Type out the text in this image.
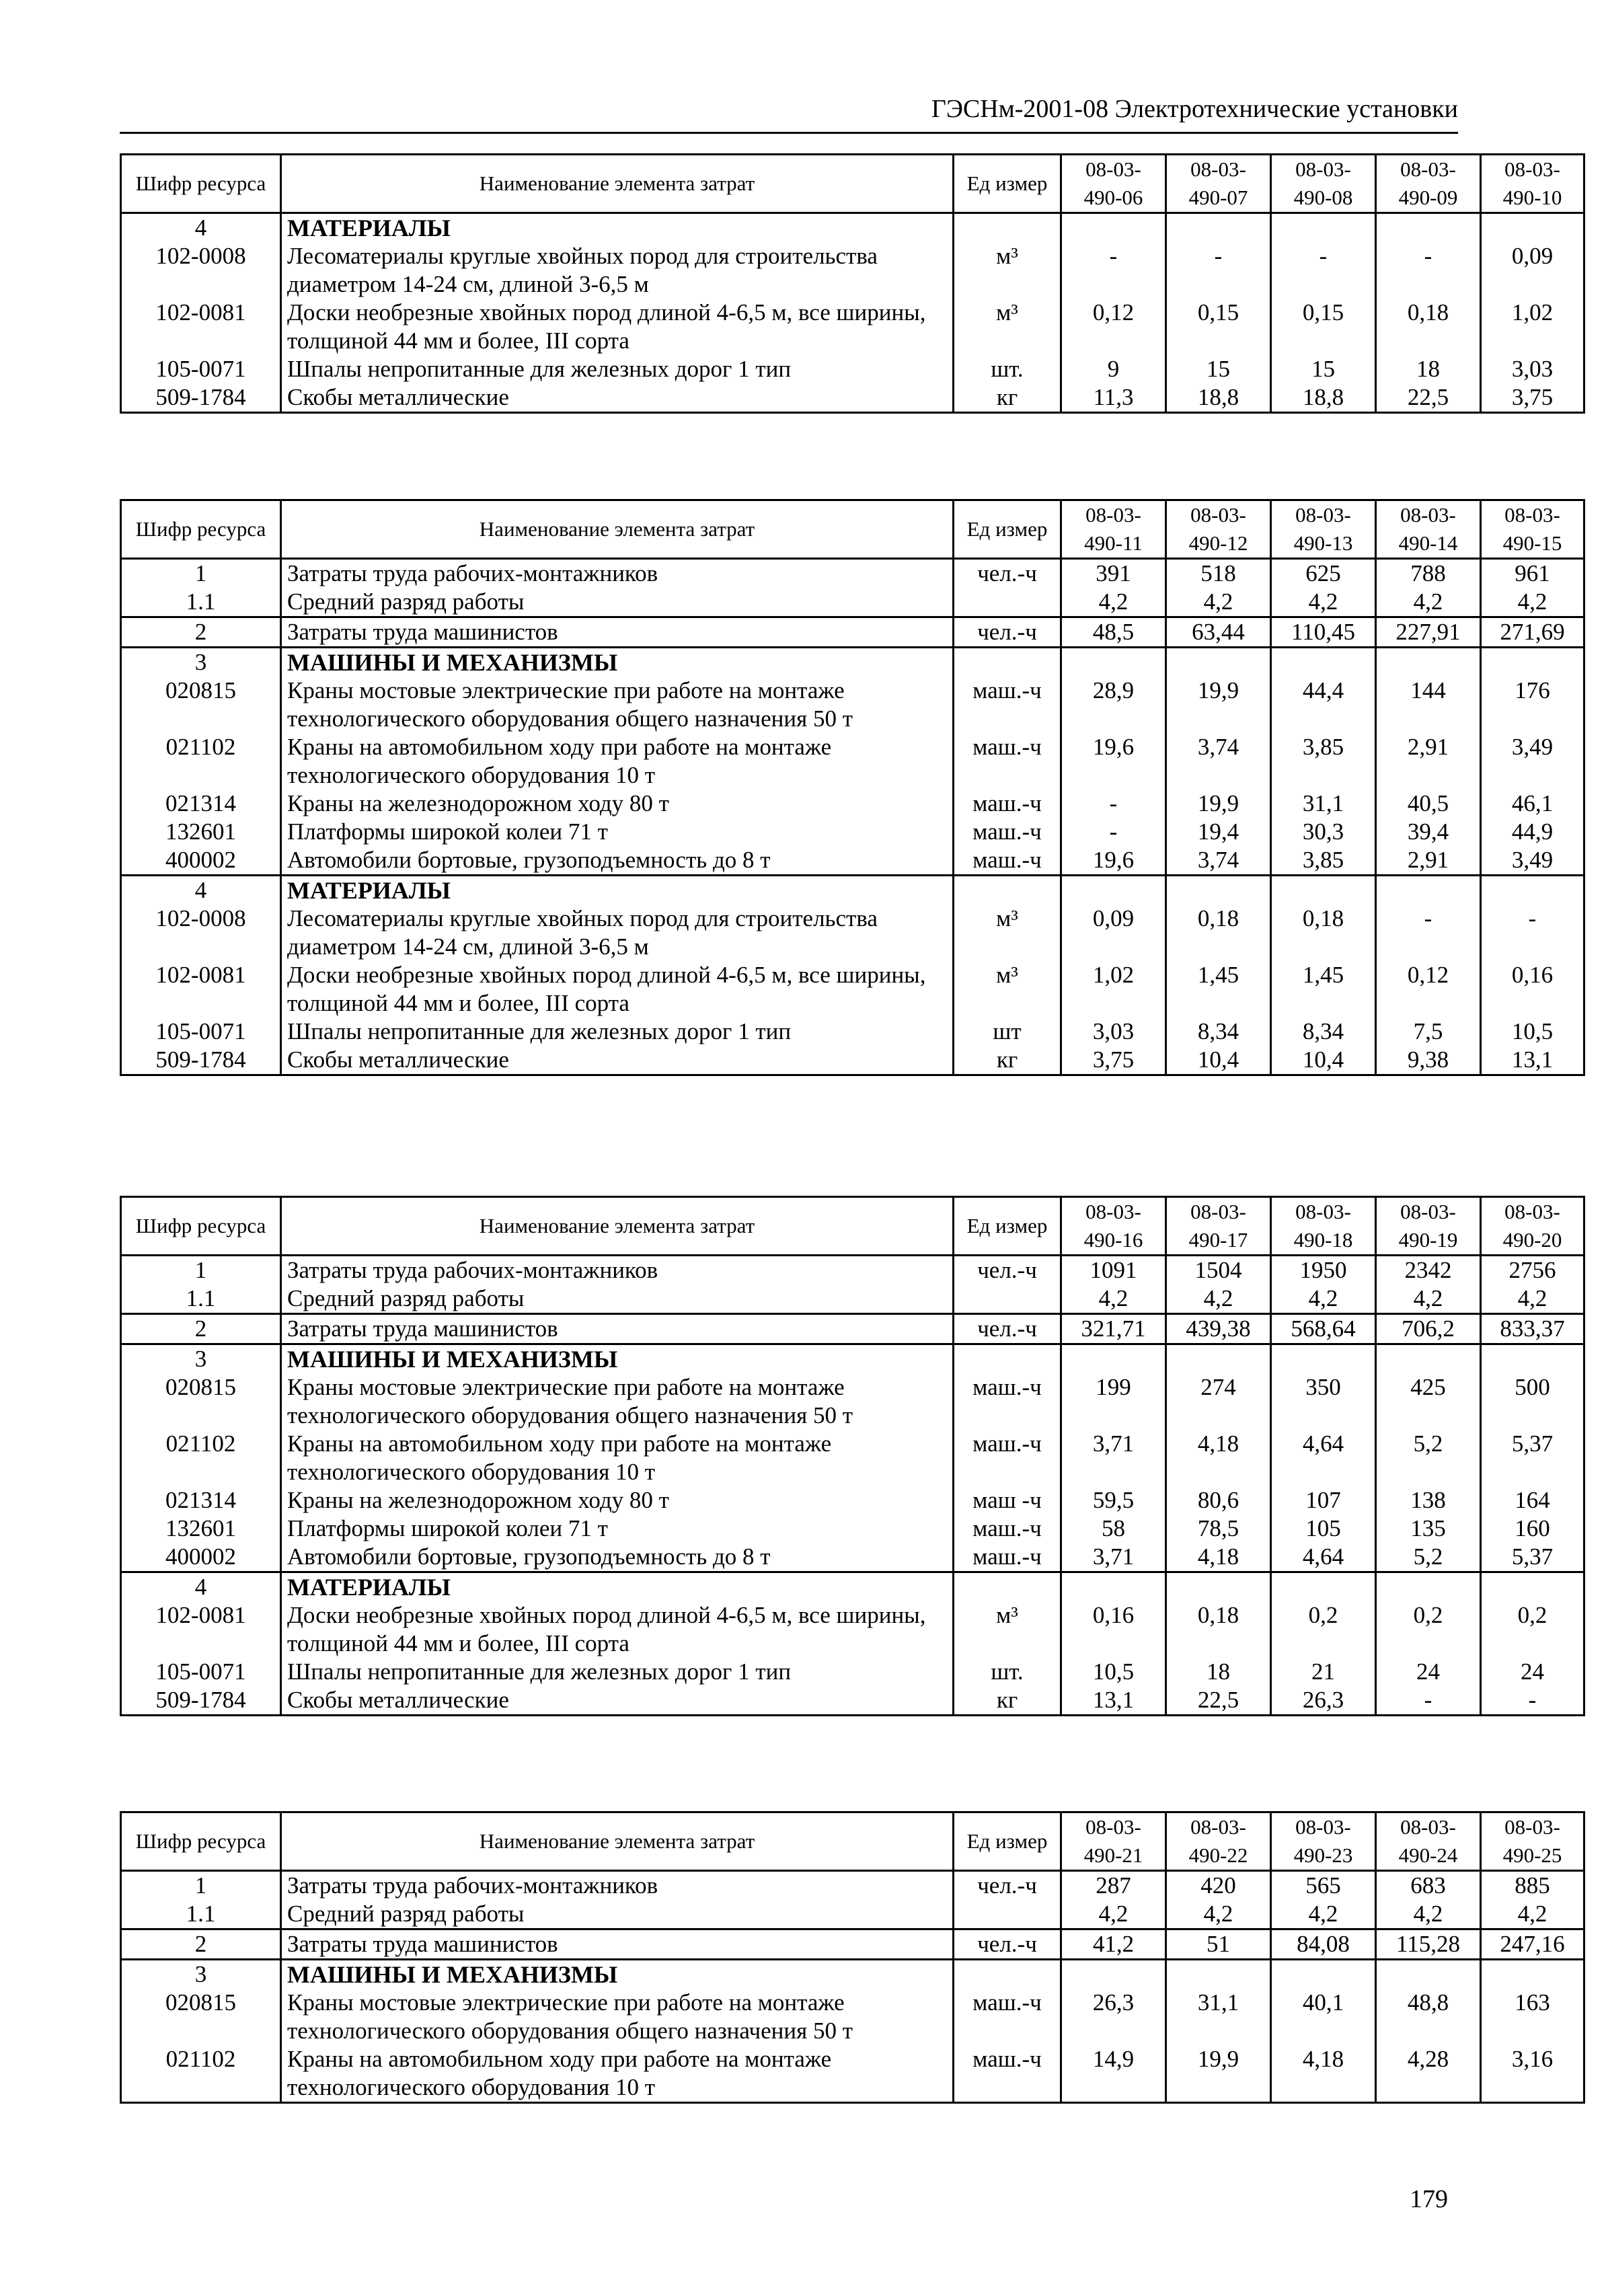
ГЭСНм-2001-08 Электротехнические установки
Шифр ресурса	Наименование элемента затрат	Ед измер	08-03-490-06	08-03-490-07	08-03-490-08	08-03-490-09	08-03-490-10
4	МАТЕРИАЛЫ						
102-0008	Лесоматериалы круглые хвойных пород для строительства диаметром 14-24 см, длиной 3-6,5 м	м³	-	-	-	-	0,09
102-0081	Доски необрезные хвойных пород длиной 4-6,5 м, все ширины, толщиной 44 мм и более, III сорта	м³	0,12	0,15	0,15	0,18	1,02
105-0071	Шпалы непропитанные для железных дорог 1 тип	шт.	9	15	15	18	3,03
509-1784	Скобы металлические	кг	11,3	18,8	18,8	22,5	3,75
Шифр ресурса	Наименование элемента затрат	Ед измер	08-03-490-11	08-03-490-12	08-03-490-13	08-03-490-14	08-03-490-15
1	Затраты труда рабочих-монтажников	чел.-ч	391	518	625	788	961
1.1	Средний разряд работы		4,2	4,2	4,2	4,2	4,2
2	Затраты труда машинистов	чел.-ч	48,5	63,44	110,45	227,91	271,69
3	МАШИНЫ И МЕХАНИЗМЫ						
020815	Краны мостовые электрические при работе на монтаже технологического оборудования общего назначения 50 т	маш.-ч	28,9	19,9	44,4	144	176
021102	Краны на автомобильном ходу при работе на монтаже технологического оборудования 10 т	маш.-ч	19,6	3,74	3,85	2,91	3,49
021314	Краны на железнодорожном ходу 80 т	маш.-ч	-	19,9	31,1	40,5	46,1
132601	Платформы широкой колеи 71 т	маш.-ч	-	19,4	30,3	39,4	44,9
400002	Автомобили бортовые, грузоподъемность до 8 т	маш.-ч	19,6	3,74	3,85	2,91	3,49
4	МАТЕРИАЛЫ						
102-0008	Лесоматериалы круглые хвойных пород для строительства диаметром 14-24 см, длиной 3-6,5 м	м³	0,09	0,18	0,18	-	-
102-0081	Доски необрезные хвойных пород длиной 4-6,5 м, все ширины, толщиной 44 мм и более, III сорта	м³	1,02	1,45	1,45	0,12	0,16
105-0071	Шпалы непропитанные для железных дорог 1 тип	шт	3,03	8,34	8,34	7,5	10,5
509-1784	Скобы металлические	кг	3,75	10,4	10,4	9,38	13,1
Шифр ресурса	Наименование элемента затрат	Ед измер	08-03-490-16	08-03-490-17	08-03-490-18	08-03-490-19	08-03-490-20
1	Затраты труда рабочих-монтажников	чел.-ч	1091	1504	1950	2342	2756
1.1	Средний разряд работы		4,2	4,2	4,2	4,2	4,2
2	Затраты труда машинистов	чел.-ч	321,71	439,38	568,64	706,2	833,37
3	МАШИНЫ И МЕХАНИЗМЫ						
020815	Краны мостовые электрические при работе на монтаже технологического оборудования общего назначения 50 т	маш.-ч	199	274	350	425	500
021102	Краны на автомобильном ходу при работе на монтаже технологического оборудования 10 т	маш.-ч	3,71	4,18	4,64	5,2	5,37
021314	Краны на железнодорожном ходу 80 т	маш -ч	59,5	80,6	107	138	164
132601	Платформы широкой колеи 71 т	маш.-ч	58	78,5	105	135	160
400002	Автомобили бортовые, грузоподъемность до 8 т	маш.-ч	3,71	4,18	4,64	5,2	5,37
4	МАТЕРИАЛЫ						
102-0081	Доски необрезные хвойных пород длиной 4-6,5 м, все ширины, толщиной 44 мм и более, III сорта	м³	0,16	0,18	0,2	0,2	0,2
105-0071	Шпалы непропитанные для железных дорог 1 тип	шт.	10,5	18	21	24	24
509-1784	Скобы металлические	кг	13,1	22,5	26,3	-	-
Шифр ресурса	Наименование элемента затрат	Ед измер	08-03-490-21	08-03-490-22	08-03-490-23	08-03-490-24	08-03-490-25
1	Затраты труда рабочих-монтажников	чел.-ч	287	420	565	683	885
1.1	Средний разряд работы		4,2	4,2	4,2	4,2	4,2
2	Затраты труда машинистов	чел.-ч	41,2	51	84,08	115,28	247,16
3	МАШИНЫ И МЕХАНИЗМЫ						
020815	Краны мостовые электрические при работе на монтаже технологического оборудования общего назначения 50 т	маш.-ч	26,3	31,1	40,1	48,8	163
021102	Краны на автомобильном ходу при работе на монтаже технологического оборудования 10 т	маш.-ч	14,9	19,9	4,18	4,28	3,16
179
